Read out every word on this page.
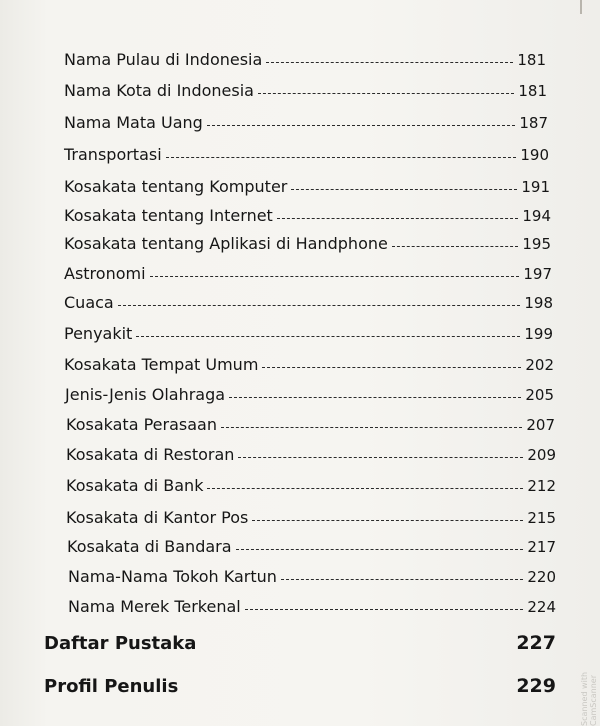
Nama Pulau di Indonesia	181
Nama Kota di Indonesia	181
Nama Mata Uang	187
Transportasi	190
Kosakata tentang Komputer	191
Kosakata tentang Internet	194
Kosakata tentang Aplikasi di Handphone	195
Astronomi	197
Cuaca	198
Penyakit	199
Kosakata Tempat Umum	202
Jenis-Jenis Olahraga	205
Kosakata Perasaan	207
Kosakata di Restoran	209
Kosakata di Bank	212
Kosakata di Kantor Pos	215
Kosakata di Bandara	217
Nama-Nama Tokoh Kartun	220
Nama Merek Terkenal	224
Daftar Pustaka	227
Profil Penulis	229	Scanned with CamScanner
